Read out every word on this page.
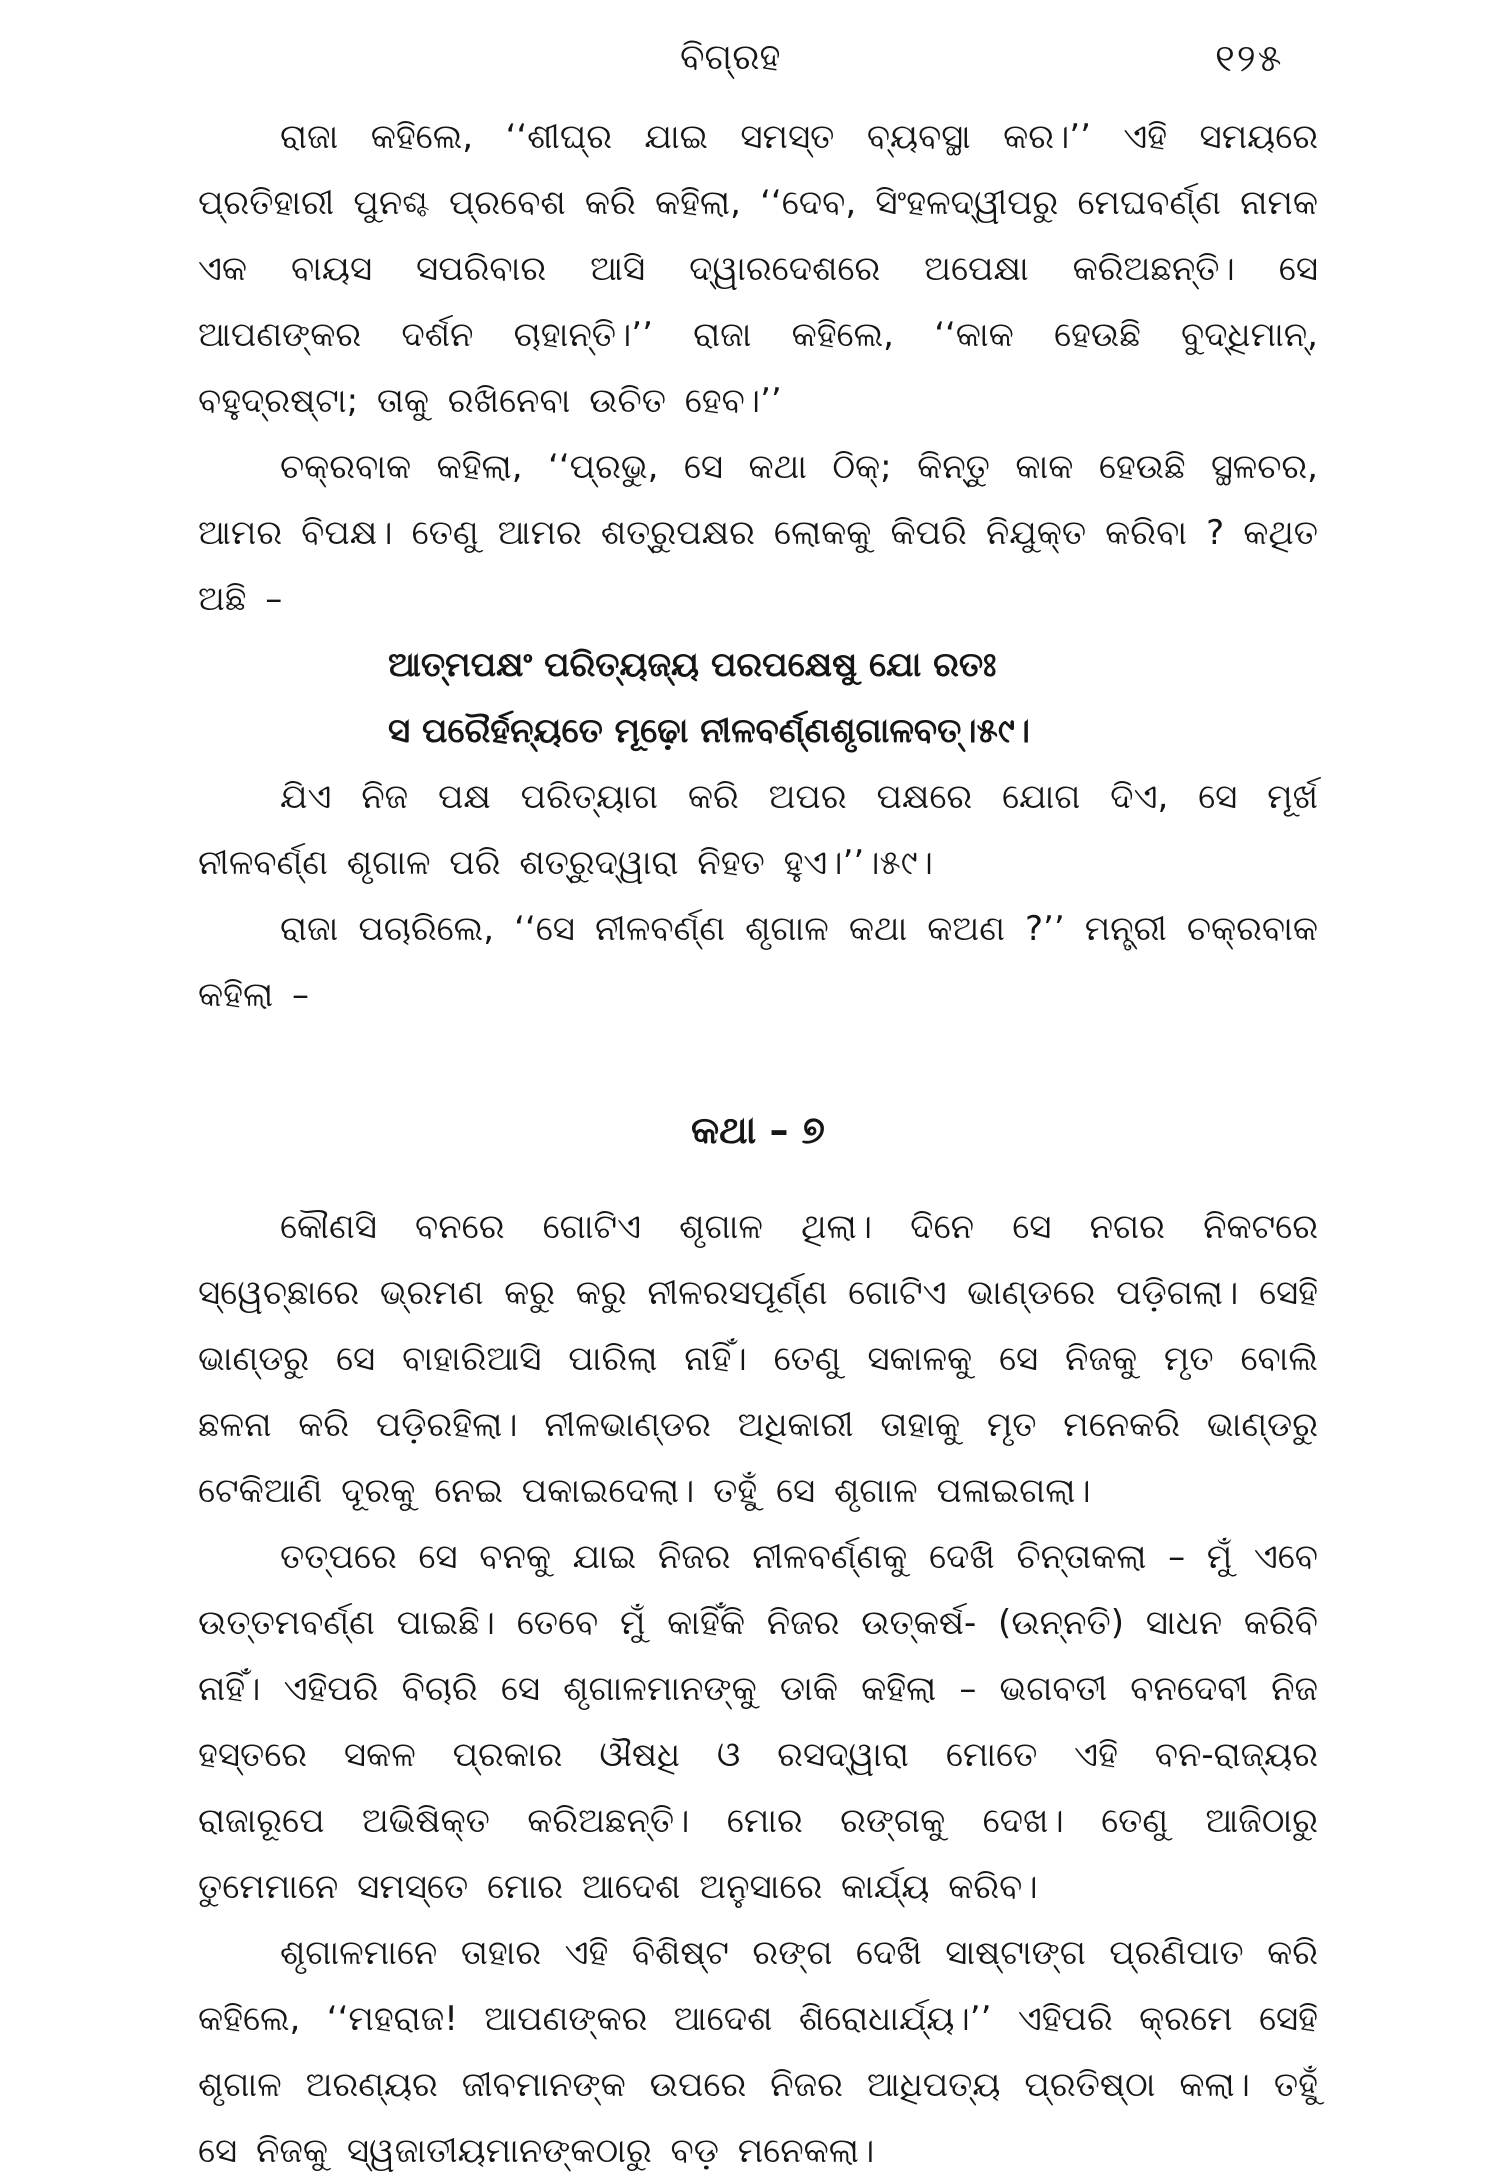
ବିଗ୍ରହ	୧୨୫

ରାଜା କହିଲେ, ‘‘ଶୀଘ୍ର ଯାଇ ସମସ୍ତ ବ୍ୟବସ୍ଥା କର।’’ ଏହି ସମୟରେ ପ୍ରତିହାରୀ ପୁନଶ୍ଚ ପ୍ରବେଶ କରି କହିଲା, ‘‘ଦେବ, ସିଂହଳଦ୍ୱୀପରୁ ମେଘବର୍ଣ୍ଣ ନାମକ ଏକ ବାୟସ ସପରିବାର ଆସି ଦ୍ୱାରଦେଶରେ ଅପେକ୍ଷା କରିଅଛନ୍ତି। ସେ ଆପଣଙ୍କର ଦର୍ଶନ ଚାହାନ୍ତି।’’ ରାଜା କହିଲେ, ‘‘କାକ ହେଉଛି ବୁଦ୍ଧିମାନ୍, ବହୁଦ୍ରଷ୍ଟା; ତାକୁ ରଖିନେବା ଉଚିତ ହେବ।’’

ଚକ୍ରବାକ କହିଲା, ‘‘ପ୍ରଭୁ, ସେ କଥା ଠିକ୍; କିନ୍ତୁ କାକ ହେଉଛି ସ୍ଥଳଚର, ଆମର ବିପକ୍ଷ। ତେଣୁ ଆମର ଶତ୍ରୁପକ୍ଷର ଲୋକକୁ କିପରି ନିଯୁକ୍ତ କରିବା ? କଥିତ ଅଛି –

ଆତ୍ମପକ୍ଷଂ ପରିତ୍ୟଜ୍ୟ ପରପକ୍ଷେଷୁ ଯୋ ରତଃ

ସ ପରୈର୍ହନ୍ୟତେ ମୂଢ଼ୋ ନୀଳବର୍ଣ୍ଣଶୃଗାଳବତ୍।୫୯।

ଯିଏ ନିଜ ପକ୍ଷ ପରିତ୍ୟାଗ କରି ଅପର ପକ୍ଷରେ ଯୋଗ ଦିଏ, ସେ ମୂର୍ଖ ନୀଳବର୍ଣ୍ଣ ଶୃଗାଳ ପରି ଶତ୍ରୁଦ୍ୱାରା ନିହତ ହୁଏ।’’।୫୯।

ରାଜା ପଚାରିଲେ, ‘‘ସେ ନୀଳବର୍ଣ୍ଣ ଶୃଗାଳ କଥା କଅଣ ?’’ ମନ୍ତ୍ରୀ ଚକ୍ରବାକ କହିଲା –

କଥା – ୭

କୌଣସି ବନରେ ଗୋଟିଏ ଶୃଗାଳ ଥିଲା। ଦିନେ ସେ ନଗର ନିକଟରେ ସ୍ୱେଚ୍ଛାରେ ଭ୍ରମଣ କରୁ କରୁ ନୀଳରସପୂର୍ଣ୍ଣ ଗୋଟିଏ ଭାଣ୍ଡରେ ପଡ଼ିଗଲା। ସେହି ଭାଣ୍ଡରୁ ସେ ବାହାରିଆସି ପାରିଲା ନାହିଁ। ତେଣୁ ସକାଳକୁ ସେ ନିଜକୁ ମୃତ ବୋଲି ଛଳନା କରି ପଡ଼ିରହିଲା। ନୀଳଭାଣ୍ଡର ଅଧିକାରୀ ତାହାକୁ ମୃତ ମନେକରି ଭାଣ୍ଡରୁ ଟେକିଆଣି ଦୂରକୁ ନେଇ ପକାଇଦେଲା। ତହୁଁ ସେ ଶୃଗାଳ ପଳାଇଗଲା।

ତତ୍ପରେ ସେ ବନକୁ ଯାଇ ନିଜର ନୀଳବର୍ଣ୍ଣକୁ ଦେଖି ଚିନ୍ତାକଲା – ମୁଁ ଏବେ ଉତ୍ତମବର୍ଣ୍ଣ ପାଇଛି। ତେବେ ମୁଁ କାହିଁକି ନିଜର ଉତ୍କର୍ଷ- (ଉନ୍ନତି) ସାଧନ କରିବି ନାହିଁ। ଏହିପରି ବିଚାରି ସେ ଶୃଗାଳମାନଙ୍କୁ ଡାକି କହିଲା – ଭଗବତୀ ବନଦେବୀ ନିଜ ହସ୍ତରେ ସକଳ ପ୍ରକାର ଔଷଧି ଓ ରସଦ୍ୱାରା ମୋତେ ଏହି ବନ-ରାଜ୍ୟର ରାଜାରୂପେ ଅଭିଷିକ୍ତ କରିଅଛନ୍ତି। ମୋର ରଙ୍ଗକୁ ଦେଖ। ତେଣୁ ଆଜିଠାରୁ ତୁମେମାନେ ସମସ୍ତେ ମୋର ଆଦେଶ ଅନୁସାରେ କାର୍ଯ୍ୟ କରିବ।

ଶୃଗାଳମାନେ ତାହାର ଏହି ବିଶିଷ୍ଟ ରଙ୍ଗ ଦେଖି ସାଷ୍ଟାଙ୍ଗ ପ୍ରଣିପାତ କରି କହିଲେ, ‘‘ମହରାଜ! ଆପଣଙ୍କର ଆଦେଶ ଶିରୋଧାର୍ଯ୍ୟ।’’ ଏହିପରି କ୍ରମେ ସେହି ଶୃଗାଳ ଅରଣ୍ୟର ଜୀବମାନଙ୍କ ଉପରେ ନିଜର ଆଧିପତ୍ୟ ପ୍ରତିଷ୍ଠା କଲା। ତହୁଁ ସେ ନିଜକୁ ସ୍ୱଜାତୀୟମାନଙ୍କଠାରୁ ବଡ଼ ମନେକଲା।
